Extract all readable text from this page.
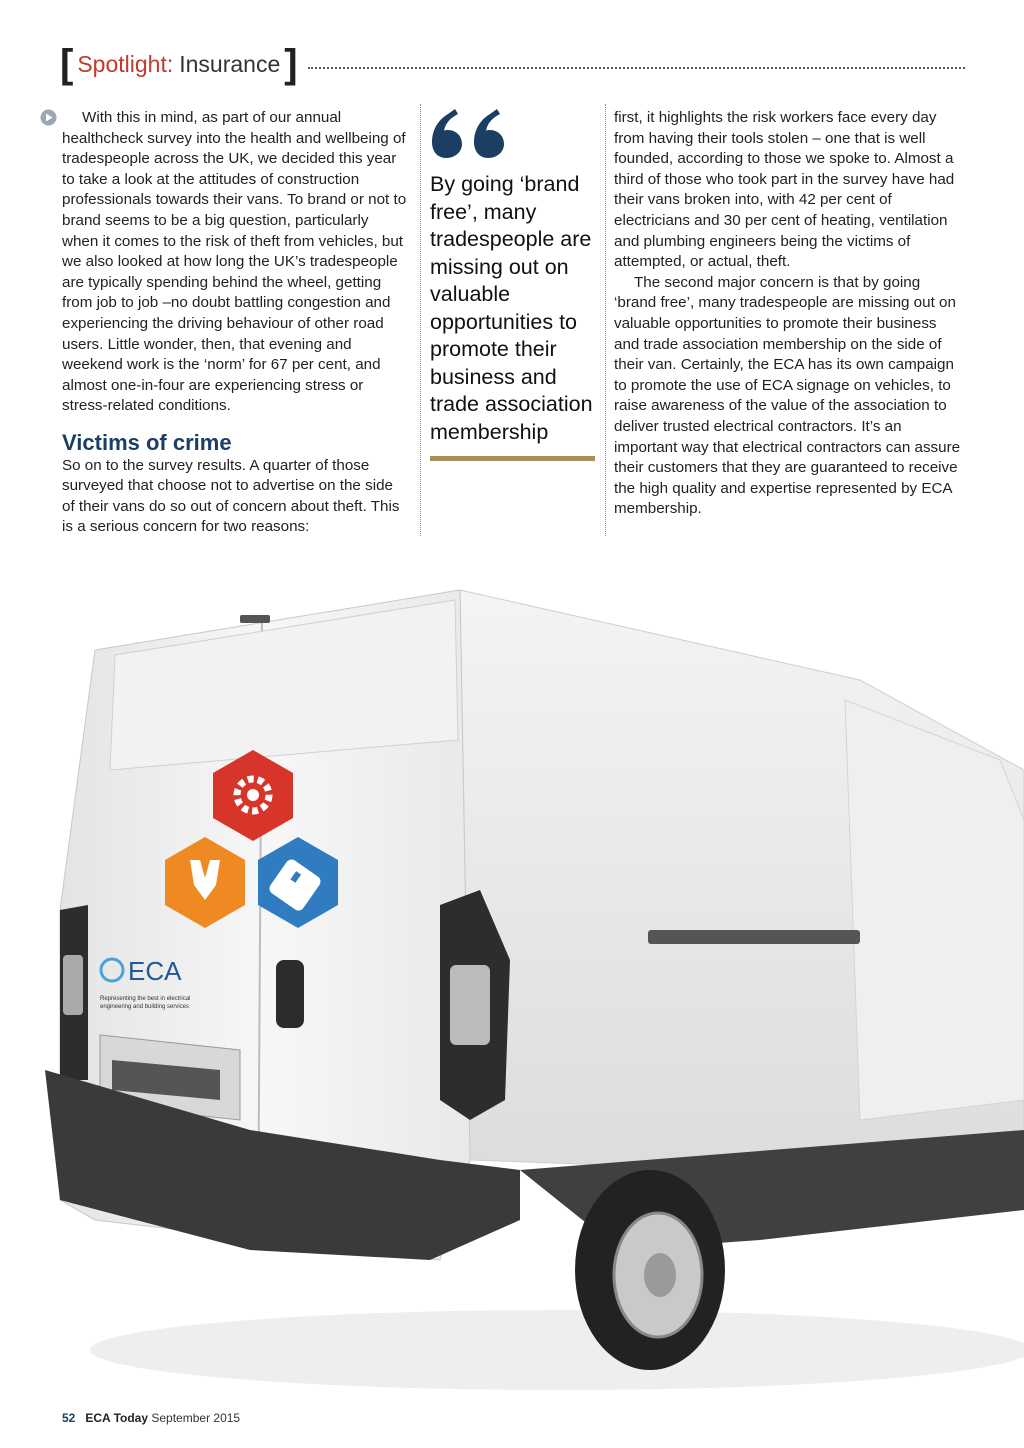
[ Spotlight: Insurance ]

With this in mind, as part of our annual healthcheck survey into the health and wellbeing of tradespeople across the UK, we decided this year to take a look at the attitudes of construction professionals towards their vans. To brand or not to brand seems to be a big question, particularly when it comes to the risk of theft from vehicles, but we also looked at how long the UK’s tradespeople are typically spending behind the wheel, getting from job to job –no doubt battling congestion and experiencing the driving behaviour of other road users. Little wonder, then, that evening and weekend work is the ‘norm’ for 67 per cent, and almost one-in-four are experiencing stress or stress-related conditions.

Victims of crime

So on to the survey results. A quarter of those surveyed that choose not to advertise on the side of their vans do so out of concern about theft. This is a serious concern for two reasons:

By going ‘brand free’, many tradespeople are missing out on valuable opportunities to promote their business and trade association membership

first, it highlights the risk workers face every day from having their tools stolen – one that is well founded, according to those we spoke to. Almost a third of those who took part in the survey have had their vans broken into, with 42 per cent of electricians and 30 per cent of heating, ventilation and plumbing engineers being the victims of attempted, or actual, theft.

The second major concern is that by going ‘brand free’, many tradespeople are missing out on valuable opportunities to promote their business and trade association membership on the side of their van. Certainly, the ECA has its own campaign to promote the use of ECA signage on vehicles, to raise awareness of the value of the association to deliver trusted electrical contractors. It’s an important way that electrical contractors can assure their customers that they are guaranteed to receive the high quality and expertise represented by ECA membership.

ECA
Representing the best in electrical
engineering and building services
52 ECA Today September 2015
